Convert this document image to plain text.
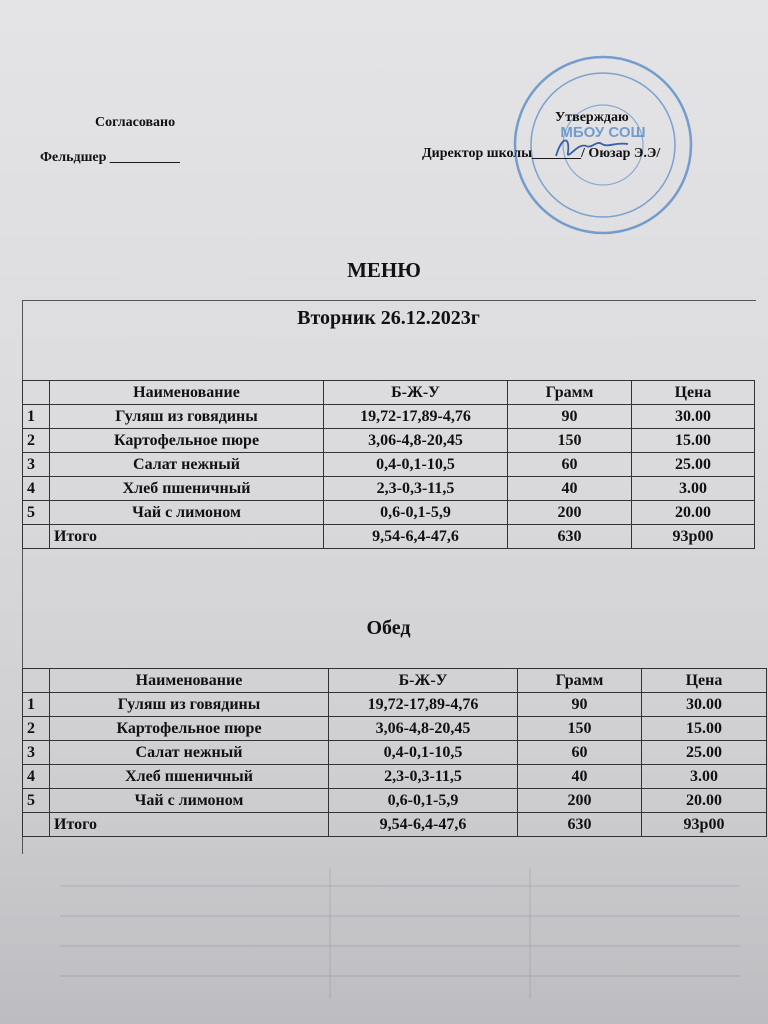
Согласовано
Фельдшер __________
МБОУ СОШ
Утверждаю
Директор школы_______/ Оюзар Э.Э/
МЕНЮ
Вторник 26.12.2023г
	Наименование	Б-Ж-У	Грамм	Цена
1	Гуляш из говядины	19,72-17,89-4,76	90	30.00
2	Картофельное пюре	3,06-4,8-20,45	150	15.00
3	Салат нежный	0,4-0,1-10,5	60	25.00
4	Хлеб пшеничный	2,3-0,3-11,5	40	3.00
5	Чай с лимоном	0,6-0,1-5,9	200	20.00
	Итого	9,54-6,4-47,6	630	93р00
Обед
	Наименование	Б-Ж-У	Грамм	Цена
1	Гуляш из говядины	19,72-17,89-4,76	90	30.00
2	Картофельное пюре	3,06-4,8-20,45	150	15.00
3	Салат нежный	0,4-0,1-10,5	60	25.00
4	Хлеб пшеничный	2,3-0,3-11,5	40	3.00
5	Чай с лимоном	0,6-0,1-5,9	200	20.00
	Итого	9,54-6,4-47,6	630	93р00
